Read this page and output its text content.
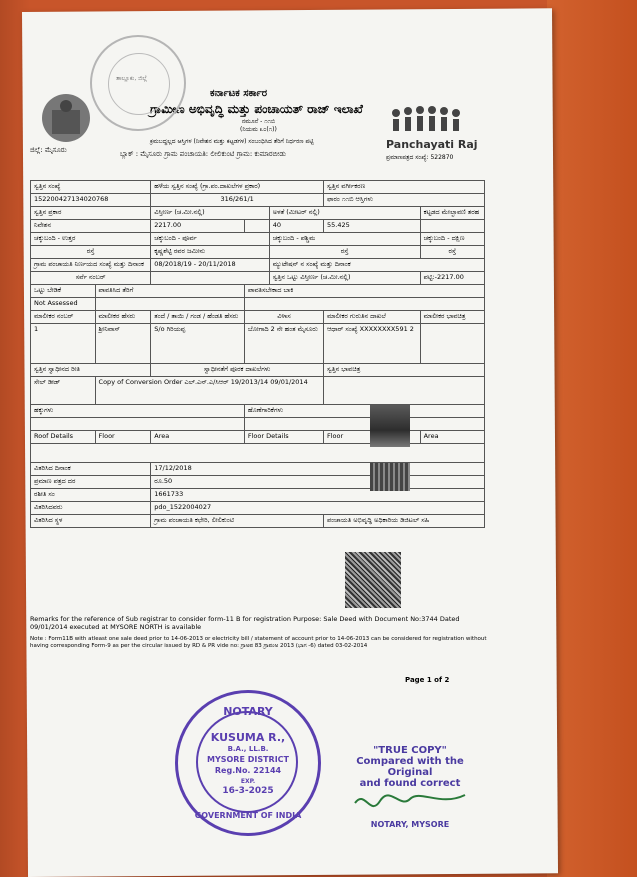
ಕರ್ನಾಟಕ ಸರ್ಕಾರ
ಗ್ರಾಮೀಣ ಅಭಿವೃದ್ಧಿ ಮತ್ತು ಪಂಚಾಯತ್ ರಾಜ್ ಇಲಾಖೆ
ನಮೂನೆ - ೧೧ಬಿ
(ನಿಯಮ ೩೦(೧))
ಕ್ರಮಬದ್ಧಲ್ಲದ ಆಸ್ತಿಗಳ (ನಿವೇಶನ ಮತ್ತು ಕಟ್ಟಡಗಳ) ಸಂಬಂಧಿಸಿದ ತೆರಿಗೆ ನಿರ್ಧರಣ ಪಟ್ಟಿ
ಬ್ಲಾಕ್ : ಮೈಸೂರು ಗ್ರಾಮ ಪಂಚಾಯತಿ: ಲೀಲಿಕುಂಟಿ ಗ್ರಾಮ: ಕುಮಾರಬೀಡು
ಜಿಲ್ಲೆ: ಮೈಸೂರು	Panchayati Raj
ಪ್ರಮಾಣಪತ್ರದ ಸಂಖ್ಯೆ: 522870
ತಾಲ್ಲೂಕು, ಜಿಲ್ಲೆ
ಸ್ವತ್ತಿನ ಸಂಖ್ಯೆ		ಹಳೆಯ ಸ್ವತ್ತಿನ ಸಂಖ್ಯೆ (ಗ್ರಾ.ಪಂ.ದಾಖಲೆಗಳ ಪ್ರಕಾರ)			ಸ್ವತ್ತಿನ ವರ್ಗೀಕರಣ	
152200427134020768		316/261/1			ಫಾರಂ ೧೧ಬಿ ಆಸ್ತಿಗಳು	
ಸ್ವತ್ತಿನ ಪ್ರಕಾರ		ವಿಸ್ತೀರ್ಣ (ಚ.ಮೀ.ನಲ್ಲಿ)		ಅಳತೆ (ಮೀಟರ್ ನಲ್ಲಿ)		ಕಟ್ಟಡದ ಮೇಲ್ಛಾವಣಿ ತರಹ
ನಿವೇಶನ		2217.00		40	55.425	
ಚಕ್ಕುಬಂದಿ - ಉತ್ತರ		ಚಕ್ಕುಬಂದಿ - ಪೂರ್ವ		ಚಕ್ಕುಬಂದಿ - ಪಶ್ಚಿಮ		ಚಕ್ಕುಬಂದಿ - ದಕ್ಷಿಣ
ರಸ್ತೆ		ಕೃಷ್ಣಶೆಟ್ಟಿ ರವರ ಜಮೀನು		ರಸ್ತೆ		ರಸ್ತೆ
ಗ್ರಾಮ ಪಂಚಾಯತಿ ನಿರ್ಣಯದ ಸಂಖ್ಯೆ ಮತ್ತು ದಿನಾಂಕ		08/2018/19 - 20/11/2018		ಮ್ಯುಟೇಷನ್ ನ ಸಂಖ್ಯೆ ಮತ್ತು ದಿನಾಂಕ		
ಸರ್ವೆ ನಂಬರ್				ಸ್ವತ್ತಿನ ಒಟ್ಟು ವಿಸ್ತೀರ್ಣ (ಚ.ಮೀ.ನಲ್ಲಿ)		ಪಟ್ಟಿ:-2217.00
ಒಟ್ಟು ಬೇಡಿಕೆ	ಪಾವತಿಸಿದ ತೆರಿಗೆ		ಪಾವತಿಸಬೇಕಾದ ಬಾಕಿ			
Not Assessed						
ಮಾಲೀಕರ ನಂಬರ್	ಮಾಲೀಕರ ಹೆಸರು	ತಂದೆ / ತಾಯಿ / ಗಂಡ / ಹೆಂಡತಿ ಹೆಸರು	ವಿಳಾಸ		ಮಾಲೀಕರ ಗುರುತಿನ ದಾಖಲೆ	ಮಾಲೀಕರ ಭಾವಚಿತ್ರ
1	ಶ್ರೀನಿವಾಸ್	S/o ಗಿರಿಯಪ್ಪ	ಬೋಗಾದಿ 2 ನೇ ಹಂತ ಮೈಸೂರು		ಆಧಾರ್ ಸಂಖ್ಯೆ XXXXXXXX591 2	
ಸ್ವತ್ತಿನ ಸ್ವಾಧೀನದ ರೀತಿ		ಸ್ವಾಧೀನತೆಗೆ ಪೂರಕ ದಾಖಲೆಗಳು			ಸ್ವತ್ತಿನ ಭಾವಚಿತ್ರ	
ಸೇಲ್ ಡೀಡ್	Copy of Conversion Order ಎಲ್.ಎನ್.ಎ/ಸಿಆರ್ 19/2013/14 09/01/2014					
ಹಕ್ಕುಗಳು			ಹೊಣೆಗಾರಿಕೆಗಳು			

Roof Details	Floor	Area	Floor Details		Floor	Area

ವಿತರಿಸಿದ ದಿನಾಂಕ		17/12/2018				
ಪ್ರಮಾಣ ಪತ್ರದ ದರ		ರೂ.50				
ರಶೀತಿ ಸಂ		1661733				
ವಿತರಿಸಿದವರು		pdo_1522004027				
ವಿತರಿಸಿದ ಸ್ಥಳ		ಗ್ರಾಮ ಪಂಚಾಯತಿ ಕಛೇರಿ, ಲೀಲಿಕುಂಟಿ			ಪಂಚಾಯತಿ ಅಭಿವೃದ್ಧಿ ಅಧಿಕಾರಿಯ ಡಿಜಿಟಲ್ ಸಹಿ	
Remarks for the reference of Sub registrar to consider form-11 B for registration Purpose: Sale Deed with Document No:3744 Dated 09/01/2014 executed at MYSORE NORTH is available
Note : Form11B with atleast one sale deed prior to 14-06-2013 or electricity bill / statement of account prior to 14-06-2013 can be considered for registration without having corresponding Form-9 as per the circular issued by RD & PR vide no: ಗ್ರಾಅಪ 83 ಗ್ರಾಪಂಅ 2013 (ಭಾಗ -6) dated 03-02-2014
Page 1 of 2
NOTARY
KUSUMA R.,
B.A., LL.B.
MYSORE DISTRICT
Reg.No. 22144
EXP.
16-3-2025
GOVERNMENT OF INDIA
"TRUE COPY"
Compared with the Original
and found correct
NOTARY, MYSORE
